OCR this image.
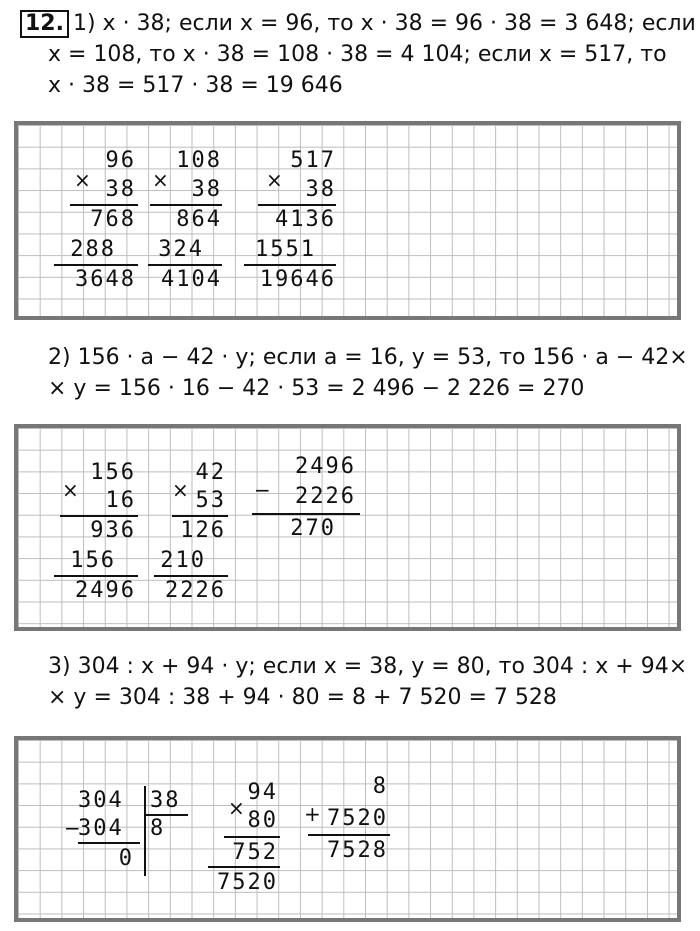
12. 1) x · 38; если x = 96, то x · 38 = 96 · 38 = 3 648; если
x = 108, то x · 38 = 108 · 38 = 4 104; если x = 517, то
x · 38 = 517 · 38 = 19 646
×
96
38
768
288
3648
×
108
38
864
324
4104
×
517
38
4136
1551
19646
2) 156 · a − 42 · y; если a = 16, y = 53, то 156 · a − 42×
× y = 156 · 16 − 42 · 53 = 2 496 − 2 226 = 270
×
156
16
936
156
2496
×
42
53
126
210
2226
−
2496
2226
270
3) 304 : x + 94 · y; если x = 38, y = 80, то 304 : x + 94×
× y = 304 : 38 + 94 · 80 = 8 + 7 520 = 7 528
304 38
−
304 8
0
×
94
80
752
7520
+
8
7520
7528
